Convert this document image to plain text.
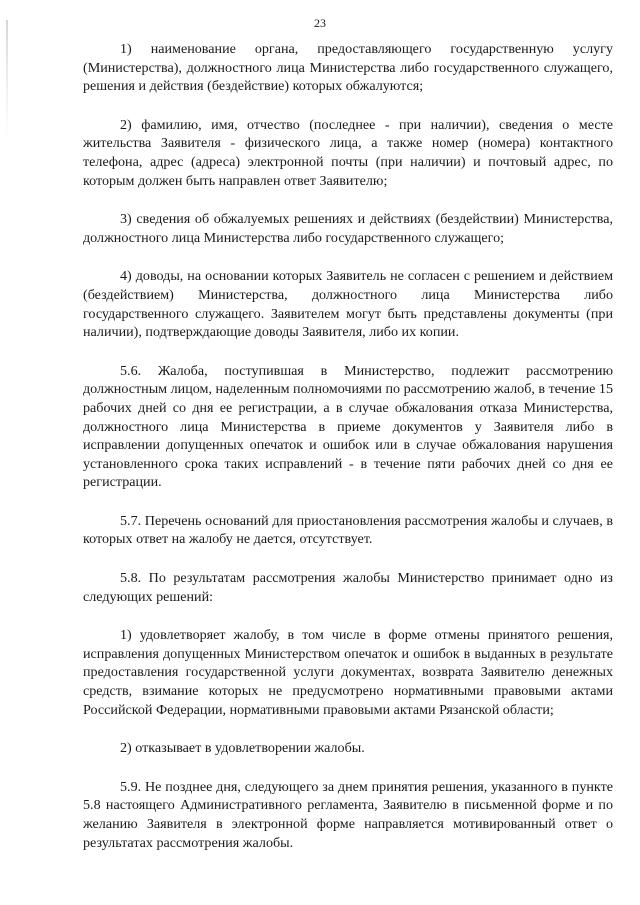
23

1) наименование органа, предоставляющего государственную услугу (Министерства), должностного лица Министерства либо государственного служащего, решения и действия (бездействие) которых обжалуются;

2) фамилию, имя, отчество (последнее - при наличии), сведения о месте жительства Заявителя - физического лица, а также номер (номера) контактного телефона, адрес (адреса) электронной почты (при наличии) и почтовый адрес, по которым должен быть направлен ответ Заявителю;

3) сведения об обжалуемых решениях и действиях (бездействии) Министерства, должностного лица Министерства либо государственного служащего;

4) доводы, на основании которых Заявитель не согласен с решением и действием (бездействием) Министерства, должностного лица Министерства либо государственного служащего. Заявителем могут быть представлены документы (при наличии), подтверждающие доводы Заявителя, либо их копии.

5.6. Жалоба, поступившая в Министерство, подлежит рассмотрению должностным лицом, наделенным полномочиями по рассмотрению жалоб, в течение 15 рабочих дней со дня ее регистрации, а в случае обжалования отказа Министерства, должностного лица Министерства в приеме документов у Заявителя либо в исправлении допущенных опечаток и ошибок или в случае обжалования нарушения установленного срока таких исправлений - в течение пяти рабочих дней со дня ее регистрации.

5.7. Перечень оснований для приостановления рассмотрения жалобы и случаев, в которых ответ на жалобу не дается, отсутствует.

5.8. По результатам рассмотрения жалобы Министерство принимает одно из следующих решений:

1) удовлетворяет жалобу, в том числе в форме отмены принятого решения, исправления допущенных Министерством опечаток и ошибок в выданных в результате предоставления государственной услуги документах, возврата Заявителю денежных средств, взимание которых не предусмотрено нормативными правовыми актами Российской Федерации, нормативными правовыми актами Рязанской области;

2) отказывает в удовлетворении жалобы.

5.9. Не позднее дня, следующего за днем принятия решения, указанного в пункте 5.8 настоящего Административного регламента, Заявителю в письменной форме и по желанию Заявителя в электронной форме направляется мотивированный ответ о результатах рассмотрения жалобы.
